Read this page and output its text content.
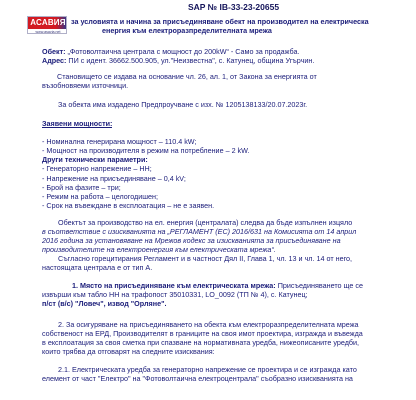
АСАВИЯ
www.asavia.net
SAP № IB-33-23-20655
за условията и начина за присъединяване обект на производител на електрическа
енергия към електроразпределителната мрежа
Обект: „Фотоволтаична централа с мощност до 200kW“ - Само за продажба.
Адрес: ПИ с идент. 36662.500.905, ул."Неизвестна", с. Катунец, община Угърчин.
Становището се издава на основание чл. 26, ал. 1, от Закона за енергията от
възобновяеми източници.
За обекта има издадено Предпроучване с изх. № 1205138133/20.07.2023г.
Заявени мощности:
- Номинална генерирана мощност – 110.4 kW;
- Мощност на производителя в режим на потребление – 2 kW.
Други технически параметри:
- Генераторно напрежение – НН;
- Напрежение на присъединяване – 0,4 kV;
- Брой на фазите – три;
- Режим на работа – целогодишен;
- Срок на въвеждане в експлоатация – не е заявен.
Обектът за производство на ел. енергия (централата) следва да бъде изпълнен изцяло
в съответствие с изискванията на „РЕГЛАМЕНТ (ЕС) 2016/631 на Комисията от 14 април
2016 година за установяване на Мрежов кодекс за изискванията за присъединяване на
производителите на електроенергия към електрическата мрежа“.
Съгласно горецитирания Регламент и в частност Дял II, Глава 1, чл. 13 и чл. 14 от него,
настоящата централа е от тип А.
1. Място на присъединяване към електрическата мрежа: Присъединяването ще се
извърши към табло НН на трафопост 35010331, LO_0092 (ТП № 4), с. Катунец;
п/ст (в/с) "Ловеч", извод "Орляне".
2. За осигуряване на присъединяването на обекта към електроразпределителната мрежа
собственост на ЕРД, Производителят в границите на своя имот проектира, изгражда и въвежда
в експлоатация за своя сметка при спазване на нормативната уредба, нижеописаните уредби,
които трябва да отговарят на следните изисквания:
2.1. Електрическата уредба за генераторно напрежение се проектира и се изгражда като
елемент от част "Електро" на "Фотоволтаична електроцентрала" съобразно изискванията на
